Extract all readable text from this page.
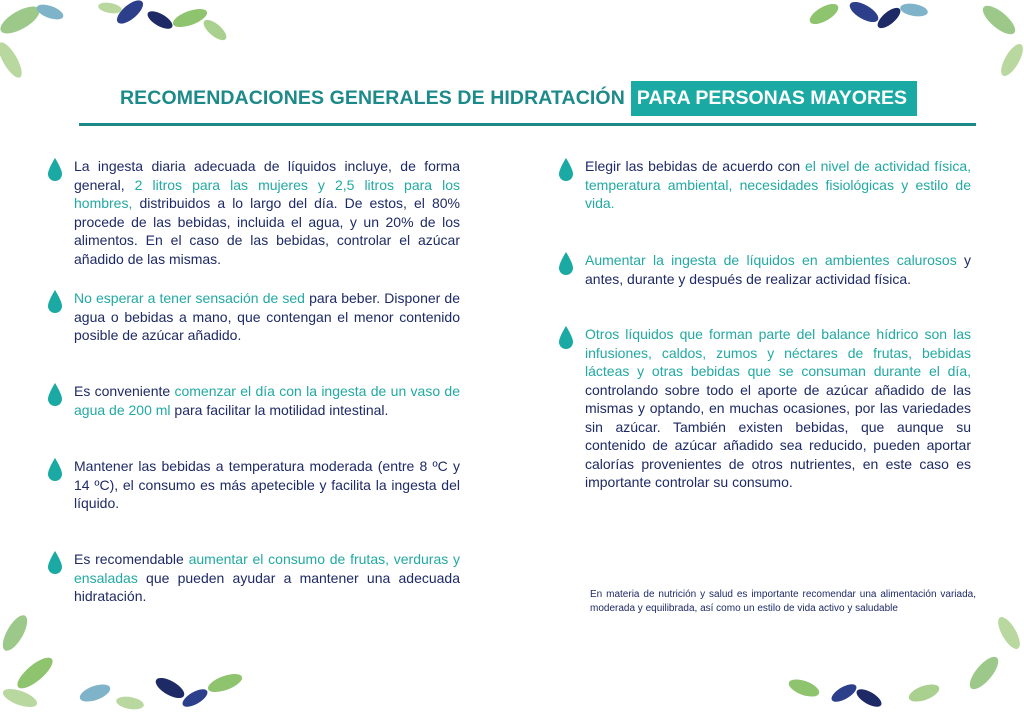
RECOMENDACIONES GENERALES DE HIDRATACIÓN PARA PERSONAS MAYORES
La ingesta diaria adecuada de líquidos incluye, de forma general, 2 litros para las mujeres y 2,5 litros para los hombres, distribuidos a lo largo del día. De estos, el 80% procede de las bebidas, incluida el agua, y un 20% de los alimentos. En el caso de las bebidas, controlar el azúcar añadido de las mismas.
No esperar a tener sensación de sed para beber. Disponer de agua o bebidas a mano, que contengan el menor contenido posible de azúcar añadido.
Es conveniente comenzar el día con la ingesta de un vaso de agua de 200 ml para facilitar la motilidad intestinal.
Mantener las bebidas a temperatura moderada (entre 8 ºC y 14 ºC), el consumo es más apetecible y facilita la ingesta del líquido.
Es recomendable aumentar el consumo de frutas, verduras y ensaladas que pueden ayudar a mantener una adecuada hidratación.
Elegir las bebidas de acuerdo con el nivel de actividad física, temperatura ambiental, necesidades fisiológicas y estilo de vida.
Aumentar la ingesta de líquidos en ambientes calurosos y antes, durante y después de realizar actividad física.
Otros líquidos que forman parte del balance hídrico son las infusiones, caldos, zumos y néctares de frutas, bebidas lácteas y otras bebidas que se consuman durante el día, controlando sobre todo el aporte de azúcar añadido de las mismas y optando, en muchas ocasiones, por las variedades sin azúcar. También existen bebidas, que aunque su contenido de azúcar añadido sea reducido, pueden aportar calorías provenientes de otros nutrientes, en este caso es importante controlar su consumo.
En materia de nutrición y salud es importante recomendar una alimentación variada, moderada y equilibrada, así como un estilo de vida activo y saludable
